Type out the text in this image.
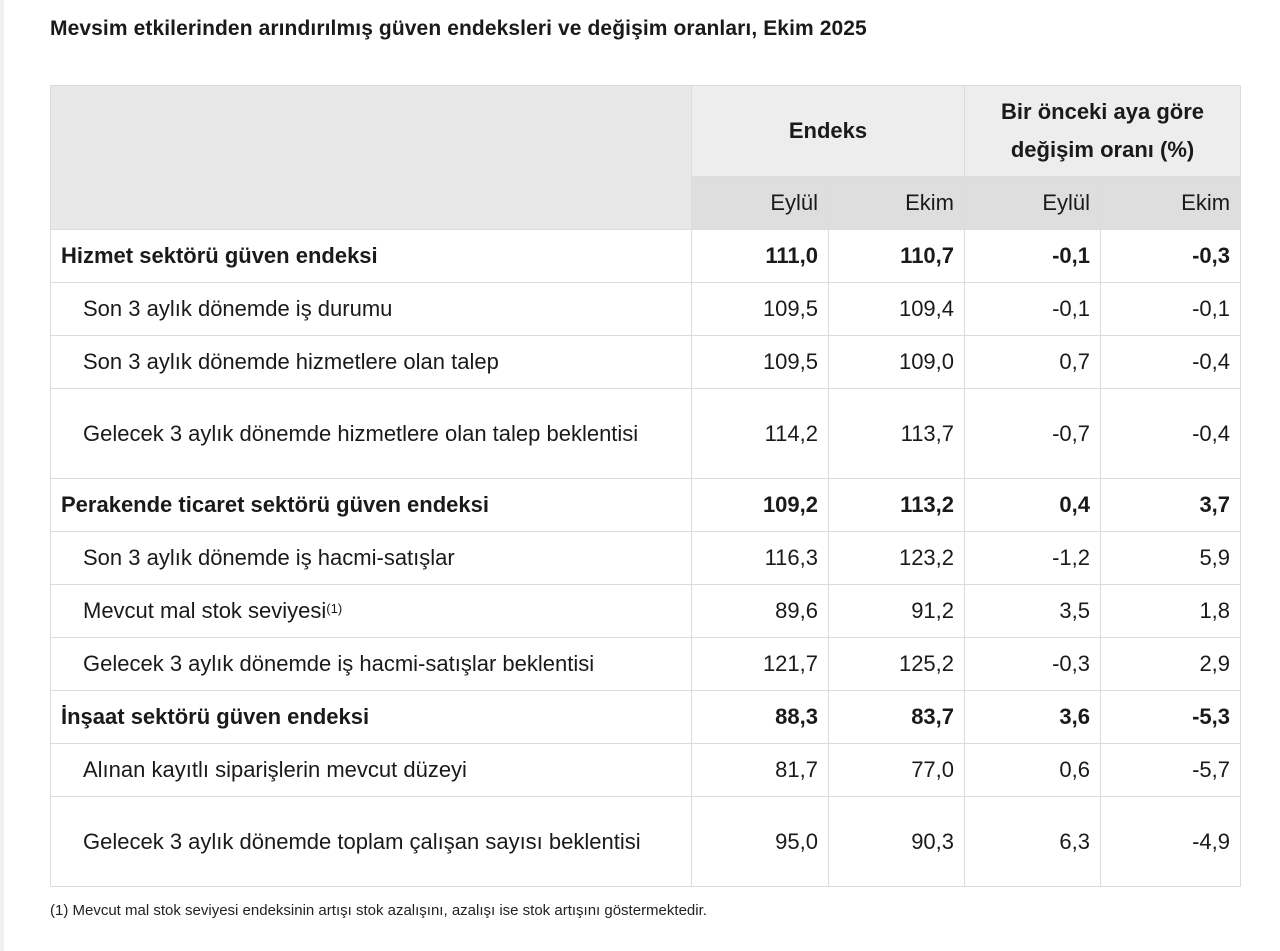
Mevsim etkilerinden arındırılmış güven endeksleri ve değişim oranları, Ekim 2025
	Endeks		Bir önceki aya göre
değişim oranı (%)	

	Eylül	Ekim	Eylül	Ekim
Hizmet sektörü güven endeksi	111,0	110,7	-0,1	-0,3
Son 3 aylık dönemde iş durumu	109,5	109,4	-0,1	-0,1
Son 3 aylık dönemde hizmetlere olan talep	109,5	109,0	0,7	-0,4
Gelecek 3 aylık dönemde hizmetlere olan talep beklentisi	114,2	113,7	-0,7	-0,4
Perakende ticaret sektörü güven endeksi	109,2	113,2	0,4	3,7
Son 3 aylık dönemde iş hacmi-satışlar	116,3	123,2	-1,2	5,9
Mevcut mal stok seviyesi$^{(1)}$	89,6	91,2	3,5	1,8
Gelecek 3 aylık dönemde iş hacmi-satışlar beklentisi	121,7	125,2	-0,3	2,9
İnşaat sektörü güven endeksi	88,3	83,7	3,6	-5,3
Alınan kayıtlı siparişlerin mevcut düzeyi	81,7	77,0	0,6	-5,7
Gelecek 3 aylık dönemde toplam çalışan sayısı beklentisi	95,0	90,3	6,3	-4,9
(1) Mevcut mal stok seviyesi endeksinin artışı stok azalışını, azalışı ise stok artışını göstermektedir.
